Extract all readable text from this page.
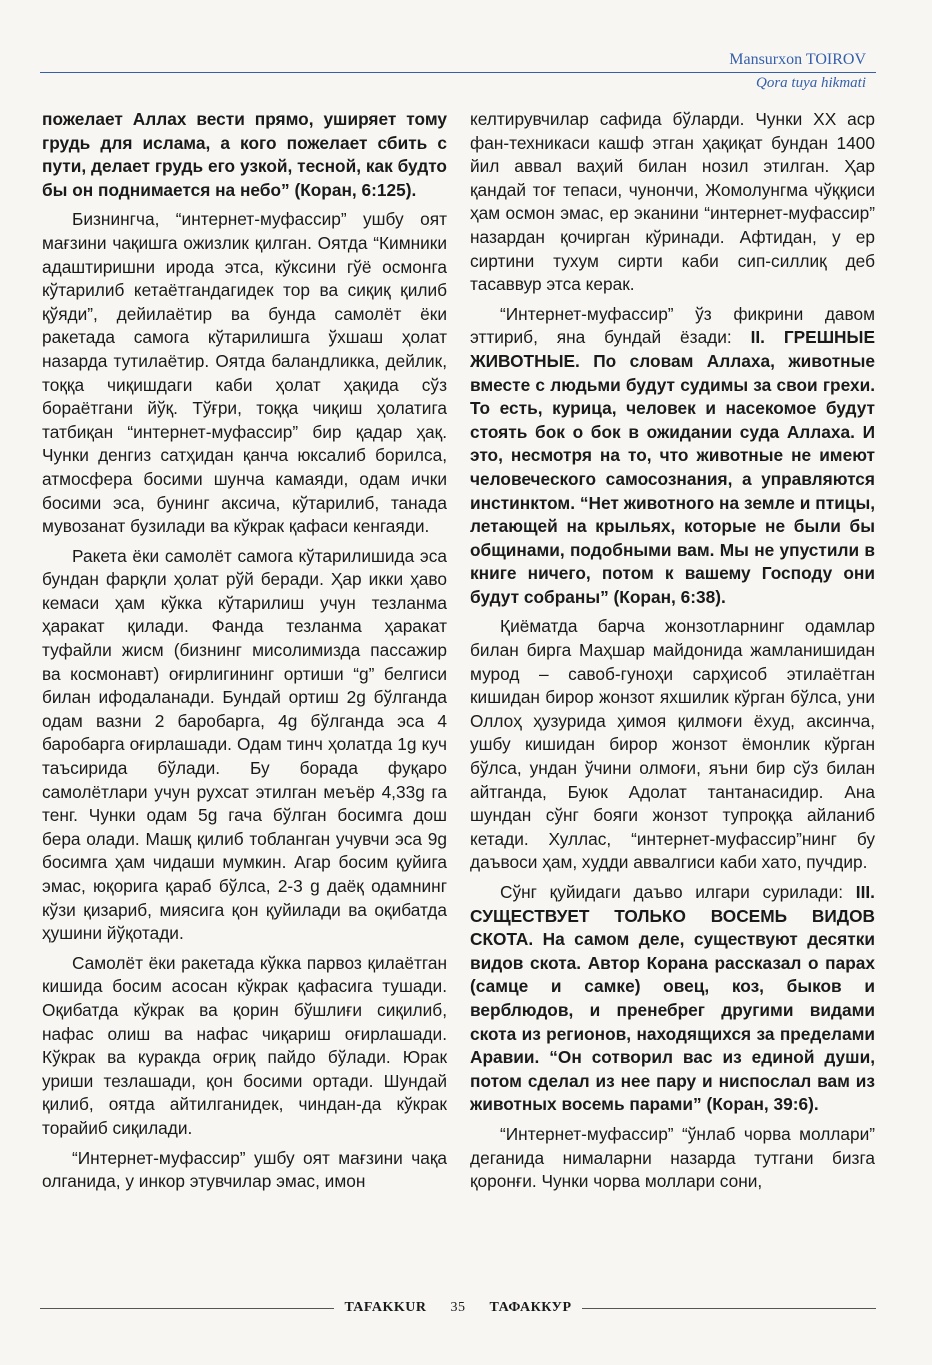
Mansurxon TOIROV
Qora tuya hikmati

пожелает Аллах вести прямо, уширяет тому грудь для ислама, а кого пожелает сбить с пути, делает грудь его узкой, тесной, как будто бы он поднимается на небо” (Коран, 6:125).

Бизнингча, “интернет-муфассир” ушбу оят мағзини чақишга ожизлик қилган. Оятда “Кимники адаштиришни ирода этса, кўксини гўё осмонга кўтарилиб кетаётгандагидек тор ва сиқиқ қилиб қўяди”, дейилаётир ва бунда самолёт ёки ракетада самога кўтарилишга ўхшаш ҳолат назарда тутилаётир. Оятда баландликка, дейлик, тоққа чиқишдаги каби ҳолат ҳақида сўз бораётгани йўқ. Тўғри, тоққа чиқиш ҳолатига татбиқан “интернет-муфассир” бир қадар ҳақ. Чунки денгиз сатҳидан қанча юксалиб борилса, атмосфера босими шунча камаяди, одам ички босими эса, бунинг аксича, кўтарилиб, танада мувозанат бузилади ва кўкрак қафаси кенгаяди.

Ракета ёки самолёт самога кўтарилишида эса бундан фарқли ҳолат рўй беради. Ҳар икки ҳаво кемаси ҳам кўкка кўтарилиш учун тезланма ҳаракат қилади. Фанда тезланма ҳаракат туфайли жисм (бизнинг мисолимизда пассажир ва космонавт) оғирлигининг ортиши “g” белгиси билан ифодаланади. Бундай ортиш 2g бўлганда одам вазни 2 баробарга, 4g бўлганда эса 4 баробарга оғирлашади. Одам тинч ҳолатда 1g куч таъсирида бўлади. Бу борада фуқаро самолётлари учун рухсат этилган меъёр 4,33g га тенг. Чунки одам 5g гача бўлган босимга дош бера олади. Машқ қилиб тобланган учувчи эса 9g босимга ҳам чидаши мумкин. Агар босим қуйига эмас, юқорига қараб бўлса, 2-3 g даёқ одамнинг кўзи қизариб, миясига қон қуйилади ва оқибатда ҳушини йўқотади.

Самолёт ёки ракетада кўкка парвоз қилаётган кишида босим асосан кўкрак қафасига тушади. Оқибатда кўкрак ва қорин бўшлиғи сиқилиб, нафас олиш ва нафас чиқариш оғирлашади. Кўкрак ва куракда оғриқ пайдо бўлади. Юрак уриши тезлашади, қон босими ортади. Шундай қилиб, оятда айтилганидек, чиндан-да кўкрак торайиб сиқилади.

“Интернет-муфассир” ушбу оят мағзини чақа олганида, у инкор этувчилар эмас, имон

келтирувчилар сафида бўларди. Чунки ХХ аср фан-техникаси кашф этган ҳақиқат бундан 1400 йил аввал ваҳий билан нозил этилган. Ҳар қандай тоғ тепаси, чунончи, Жомолунгма чўққиси ҳам осмон эмас, ер эканини “интернет-муфассир” назардан қочирган кўринади. Афтидан, у ер сиртини тухум сирти каби сип-силлиқ деб тасаввур этса керак.

“Интернет-муфассир” ўз фикрини давом эттириб, яна бундай ёзади: II. ГРЕШНЫЕ ЖИВОТНЫЕ. По словам Аллаха, животные вместе с людьми будут судимы за свои грехи. То есть, курица, человек и насекомое будут стоять бок о бок в ожидании суда Аллаха. И это, несмотря на то, что животные не имеют человеческого самосознания, а управляются инстинктом. “Нет животного на земле и птицы, летающей на крыльях, которые не были бы общинами, подобными вам. Мы не упустили в книге ничего, потом к вашему Господу они будут собраны” (Коран, 6:38).

Қиёматда барча жонзотларнинг одамлар билан бирга Маҳшар майдонида жамланишидан мурод – савоб-гуноҳи сарҳисоб этилаётган кишидан бирор жонзот яхшилик кўрган бўлса, уни Оллоҳ ҳузурида ҳимоя қилмоғи ёхуд, аксинча, ушбу кишидан бирор жонзот ёмонлик кўрган бўлса, ундан ўчини олмоғи, яъни бир сўз билан айтганда, Буюк Адолат тантанасидир. Ана шундан сўнг бояги жонзот тупроққа айланиб кетади. Хуллас, “интернет-муфассир”нинг бу даъвоси ҳам, худди аввалгиси каби хато, пучдир.

Сўнг қуйидаги даъво илгари сурилади: III. СУЩЕСТВУЕТ ТОЛЬКО ВОСЕМЬ ВИДОВ СКОТА. На самом деле, существуют десятки видов скота. Автор Корана рассказал о парах (самце и самке) овец, коз, быков и верблюдов, и пренебрег другими видами скота из регионов, находящихся за пределами Аравии. “Он сотворил вас из единой души, потом сделал из нее пару и ниспослал вам из животных восемь парами” (Коран, 39:6).

“Интернет-муфассир” “ўнлаб чорва моллари” деганида нималарни назарда тутгани бизга қоронғи. Чунки чорва моллари сони,

TAFAKKUR	35	ТАФАККУР
